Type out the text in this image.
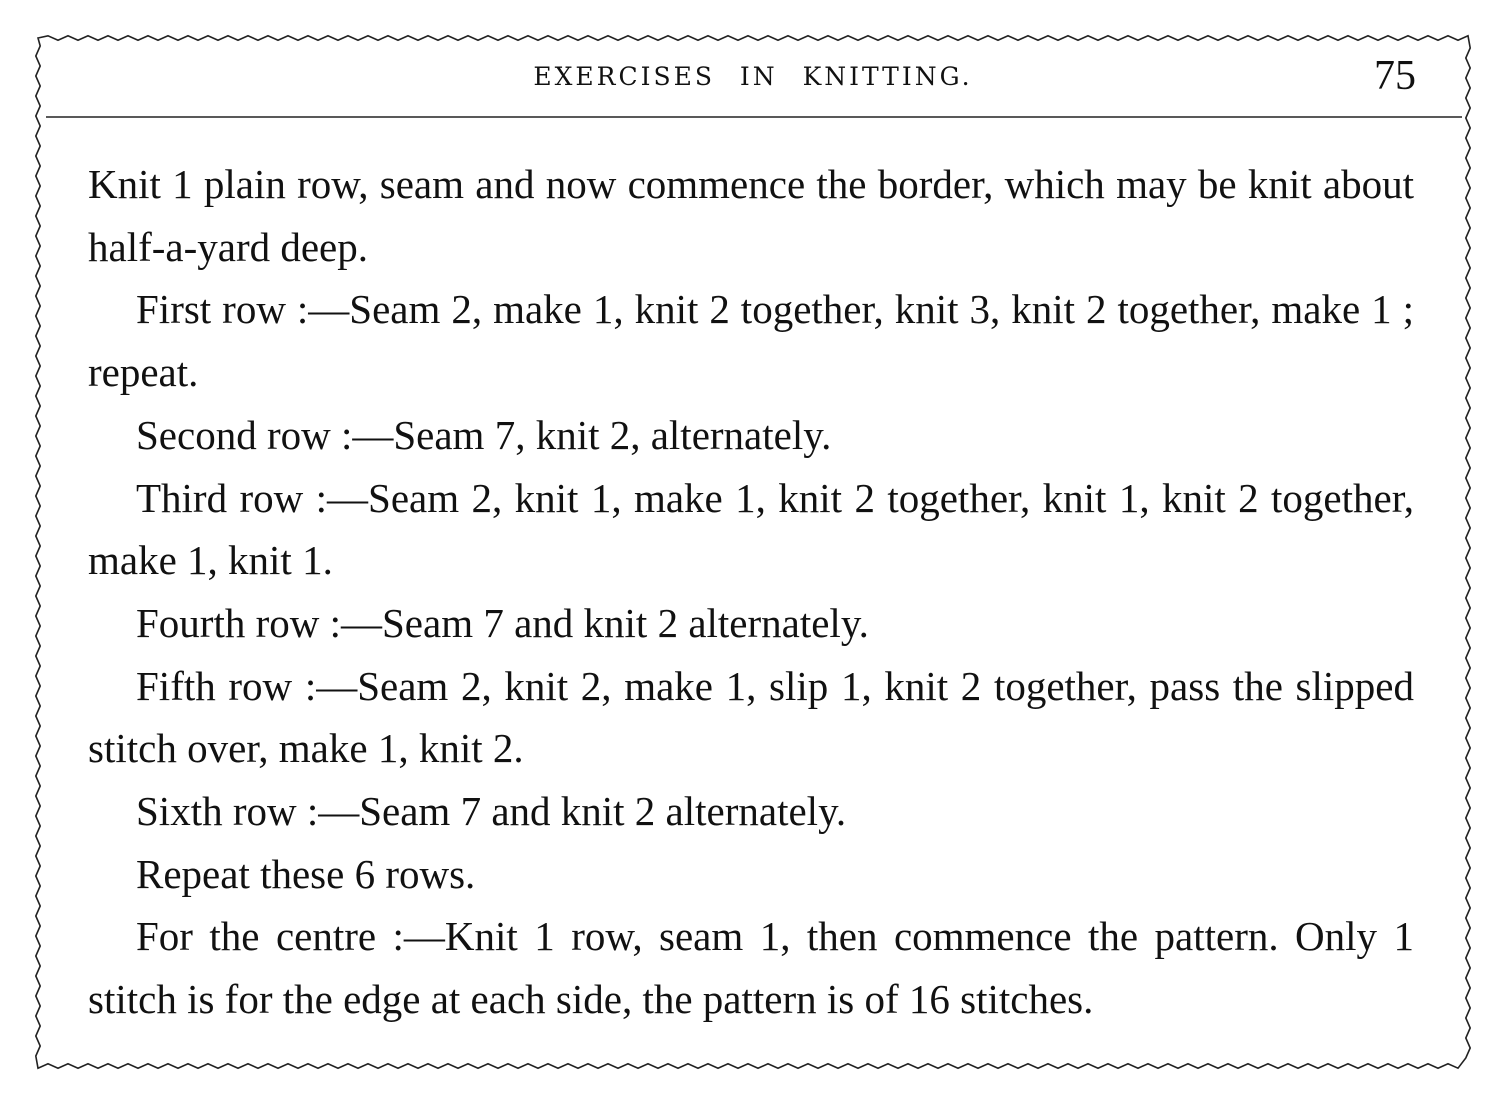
EXERCISES IN KNITTING.	75

Knit 1 plain row, seam and now commence the border, which may be knit about half-a-yard deep.

First row :—Seam 2, make 1, knit 2 together, knit 3, knit 2 together, make 1 ; repeat.

Second row :—Seam 7, knit 2, alternately.

Third row :—Seam 2, knit 1, make 1, knit 2 together, knit 1, knit 2 together, make 1, knit 1.

Fourth row :—Seam 7 and knit 2 alternately.

Fifth row :—Seam 2, knit 2, make 1, slip 1, knit 2 together, pass the slipped stitch over, make 1, knit 2.

Sixth row :—Seam 7 and knit 2 alternately.

Repeat these 6 rows.

For the centre :—Knit 1 row, seam 1, then commence the pattern. Only 1 stitch is for the edge at each side, the pattern is of 16 stitches.
